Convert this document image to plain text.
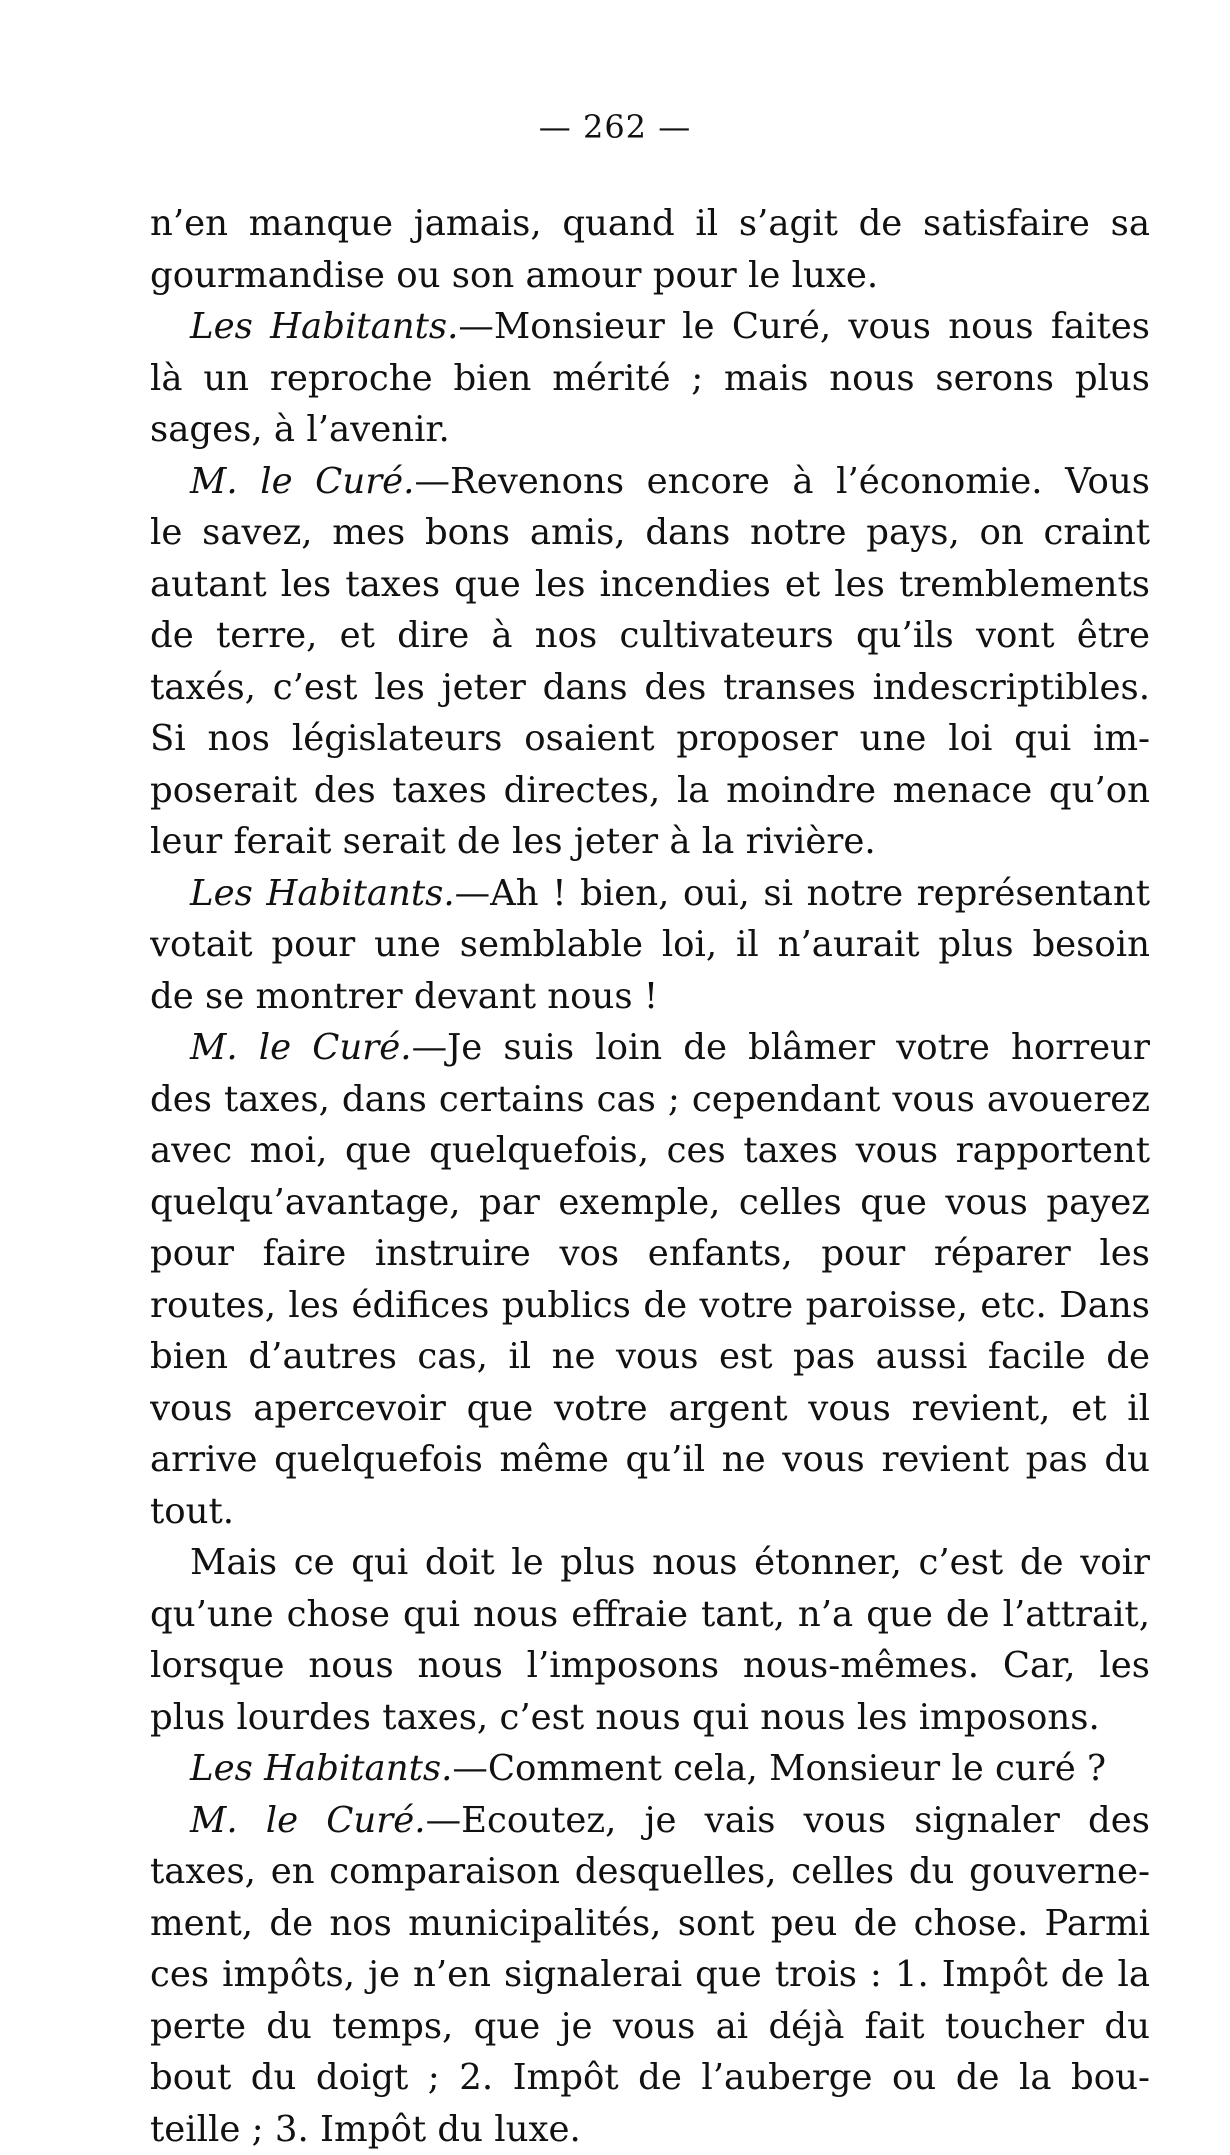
— 262 —
n’en manque jamais, quand il s’agit de satisfaire sa
gourmandise ou son amour pour le luxe.
Les Habitants.—Monsieur le Curé, vous nous faites
là un reproche bien mérité ; mais nous serons plus
sages, à l’avenir.
M. le Curé.—Revenons encore à l’économie. Vous
le savez, mes bons amis, dans notre pays, on craint
autant les taxes que les incendies et les tremblements
de terre, et dire à nos cultivateurs qu’ils vont être
taxés, c’est les jeter dans des transes indescriptibles.
Si nos législateurs osaient proposer une loi qui im-
poserait des taxes directes, la moindre menace qu’on
leur ferait serait de les jeter à la rivière.
Les Habitants.—Ah ! bien, oui, si notre représentant
votait pour une semblable loi, il n’aurait plus besoin
de se montrer devant nous !
M. le Curé.—Je suis loin de blâmer votre horreur
des taxes, dans certains cas ; cependant vous avouerez
avec moi, que quelquefois, ces taxes vous rapportent
quelqu’avantage, par exemple, celles que vous payez
pour faire instruire vos enfants, pour réparer les
routes, les édifices publics de votre paroisse, etc. Dans
bien d’autres cas, il ne vous est pas aussi facile de
vous apercevoir que votre argent vous revient, et il
arrive quelquefois même qu’il ne vous revient pas du
tout.
Mais ce qui doit le plus nous étonner, c’est de voir
qu’une chose qui nous effraie tant, n’a que de l’attrait,
lorsque nous nous l’imposons nous-mêmes. Car, les
plus lourdes taxes, c’est nous qui nous les imposons.
Les Habitants.—Comment cela, Monsieur le curé ?
M. le Curé.—Ecoutez, je vais vous signaler des
taxes, en comparaison desquelles, celles du gouverne-
ment, de nos municipalités, sont peu de chose. Parmi
ces impôts, je n’en signalerai que trois : 1. Impôt de la
perte du temps, que je vous ai déjà fait toucher du
bout du doigt ; 2. Impôt de l’auberge ou de la bou-
teille ; 3. Impôt du luxe.
